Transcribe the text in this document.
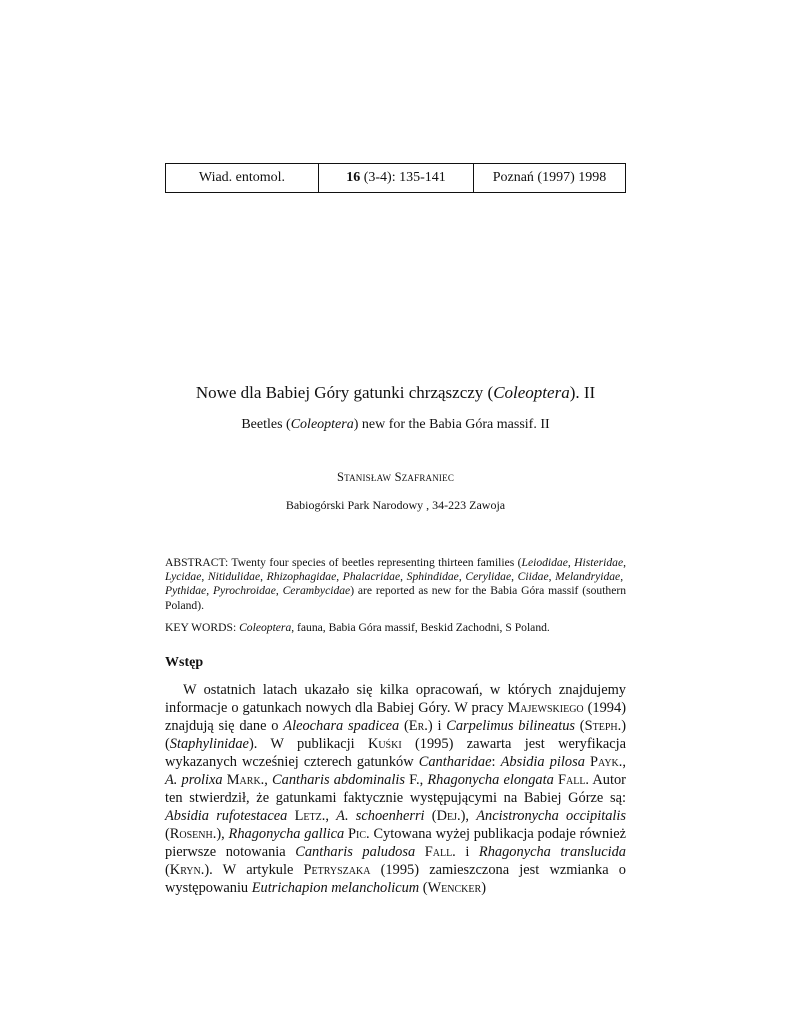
Wiad. entomol.	16
(3-4): 135-141	Poznań (1997) 1998
Nowe dla Babiej Góry gatunki chrząszczy (Coleoptera). II
Beetles (Coleoptera) new for the Babia Góra massif. II
Stanisław Szafraniec
Babiogórski Park Narodowy , 34-223 Zawoja
ABSTRACT: Twenty four species of beetles representing thirteen families (Leiodidae, Histeridae, Lycidae, Nitidulidae, Rhizophagidae, Phalacridae, Sphindidae, Cerylidae, Ciidae, Melandryidae,  Pythidae, Pyrochroidae, Cerambycidae) are reported as new for the Babia Góra massif (southern Poland).
KEY WORDS: Coleoptera, fauna, Babia Góra massif, Beskid Zachodni, S Poland.
Wstęp
W ostatnich latach ukazało się kilka opracowań, w których znajdujemy informacje o gatunkach nowych dla Babiej Góry. W pracy Majewskiego (1994) znajdują się dane o Aleochara spadicea (Er.) i Carpelimus bilineatus (Steph.) (Staphylinidae). W publikacji Kuśki (1995) zawarta jest weryfikacja wykazanych wcześniej czterech gatunków Cantharidae: Absidia pilosa Payk., A. prolixa Mark., Cantharis abdominalis F., Rhagonycha elongata Fall. Autor ten stwierdził, że gatunkami faktycznie występującymi na Babiej Górze są: Absidia rufotestacea Letz., A. schoenherri (Dej.), Ancistronycha occipitalis (Rosenh.), Rhagonycha gallica Pic. Cytowana wyżej publikacja podaje również pierwsze notowania Cantharis paludosa Fall. i Rhagonycha translucida (Kryn.). W artykule Petryszaka (1995) zamieszczona jest wzmianka o występowaniu Eutrichapion melancholicum (Wencker)
